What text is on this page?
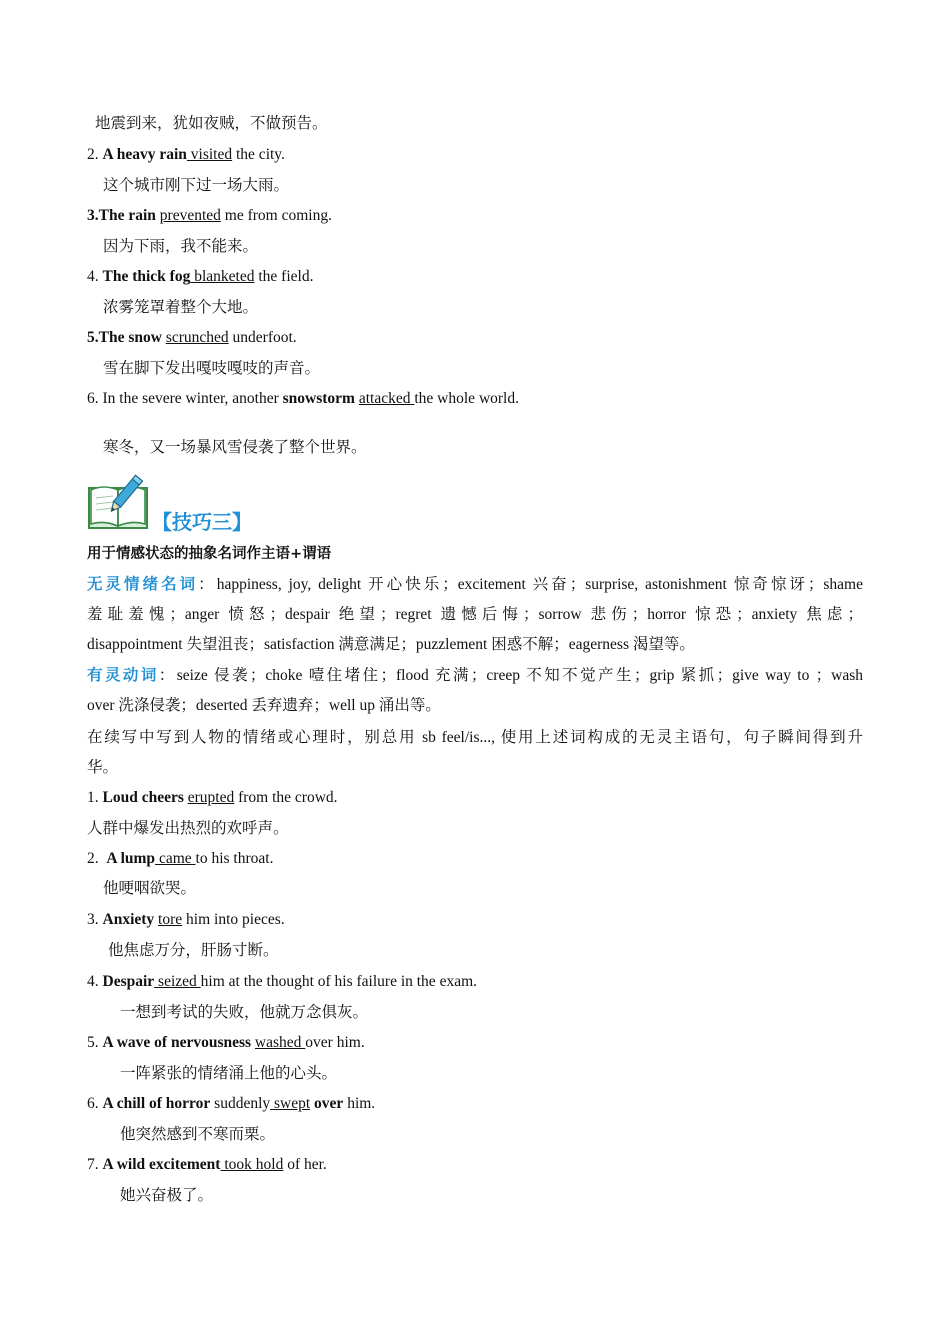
地震到来，犹如夜贼，不做预告。
2. A heavy rain visited the city.
这个城市刚下过一场大雨。
3.The rain prevented me from coming.
因为下雨，我不能来。
4. The thick fog blanketed the field.
浓雾笼罩着整个大地。
5.The snow scrunched underfoot.
雪在脚下发出嘎吱嘎吱的声音。
6. In the severe winter, another snowstorm attacked the whole world.
寒冬，又一场暴风雪侵袭了整个世界。
【技巧三】
用于情感状态的抽象名词作主语+谓语
无灵情绪名词：happiness, joy, delight 开心快乐；excitement 兴奋；surprise, astonishment 惊奇惊讶；shame
羞耻羞愧；anger 愤怒；despair 绝望；regret 遗憾后悔；sorrow 悲伤；horror 惊恐；anxiety 焦虑；
disappointment 失望沮丧；satisfaction 满意满足；puzzlement 困惑不解；eagerness 渴望等。
有灵动词：seize 侵袭；choke 噎住堵住；flood 充满；creep 不知不觉产生；grip 紧抓；give way to ；wash
over 洗涤侵袭；deserted 丢弃遗弃；well up 涌出等。
在续写中写到人物的情绪或心理时，别总用 sb feel/is..., 使用上述词构成的无灵主语句，句子瞬间得到升
华。
1. Loud cheers erupted from the crowd.
人群中爆发出热烈的欢呼声。
2.  A lump came to his throat.
他哽咽欲哭。
3. Anxiety tore him into pieces.
他焦虑万分，肝肠寸断。
4. Despair seized him at the thought of his failure in the exam.
一想到考试的失败，他就万念俱灰。
5. A wave of nervousness washed over him.
一阵紧张的情绪涌上他的心头。
6. A chill of horror suddenly swept over him.
他突然感到不寒而栗。
7. A wild excitement took hold of her.
她兴奋极了。
